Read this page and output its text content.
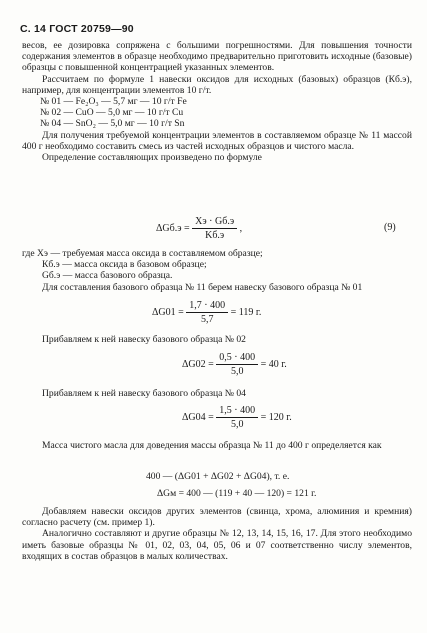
С. 14 ГОСТ 20759—90

весов, ее дозировка сопряжена с большими погрешностями. Для повышения точности содержания элементов в образце необходимо предварительно приготовить исходные (базовые) образцы с повышенной концентрацией указанных элементов.

Рассчитаем по формуле 1 навески оксидов для исходных (базовых) образцов (Кб.э), например, для концентрации элементов 10 г/т.

№ 01 — Fe₂O₃ — 5,7 мг — 10 г/т Fe
№ 02 — CuO — 5,0 мг — 10 г/т Cu
№ 04 — SnO₂ — 5,0 мг — 10 г/т Sn

Для получения требуемой концентрации элементов в составляемом образце № 11 массой 400 г необходимо составить смесь из частей исходных образцов и чистого масла.

Определение составляющих произведено по формуле

$\Delta Gб.э = \frac{Xэ \cdot Gб.э}{Kб.э}$ ,	(9)
где Xэ — требуемая масса оксида в составляемом образце;
Кб.э — масса оксида в базовом образце;
Gб.э — масса базового образца.

Для составления базового образца № 11 берем навеску базового образца № 01

$\Delta G01 = \frac{1,7 \cdot 400}{5,7} = 119$ г.
Прибавляем к ней навеску базового образца № 02
$\Delta G02 = \frac{0,5 \cdot 400}{5,0} = 40$ г.
Прибавляем к ней навеску базового образца № 04
$\Delta G04 = \frac{1,5 \cdot 400}{5,0} = 120$ г.

Масса чистого масла для доведения массы образца № 11 до 400 г определяется как

400 — (ΔG01 + ΔG02 + ΔG04), т. е.
ΔGм = 400 — (119 + 40 — 120) = 121 г.

Добавляем навески оксидов других элементов (свинца, хрома, алюминия и кремния) согласно расчету (см. пример 1).

Аналогично составляют и другие образцы № 12, 13, 14, 15, 16, 17. Для этого необходимо иметь базовые образцы № 01, 02, 03, 04, 05, 06 и 07 соответственно числу элементов, входящих в состав образцов в малых количествах.
